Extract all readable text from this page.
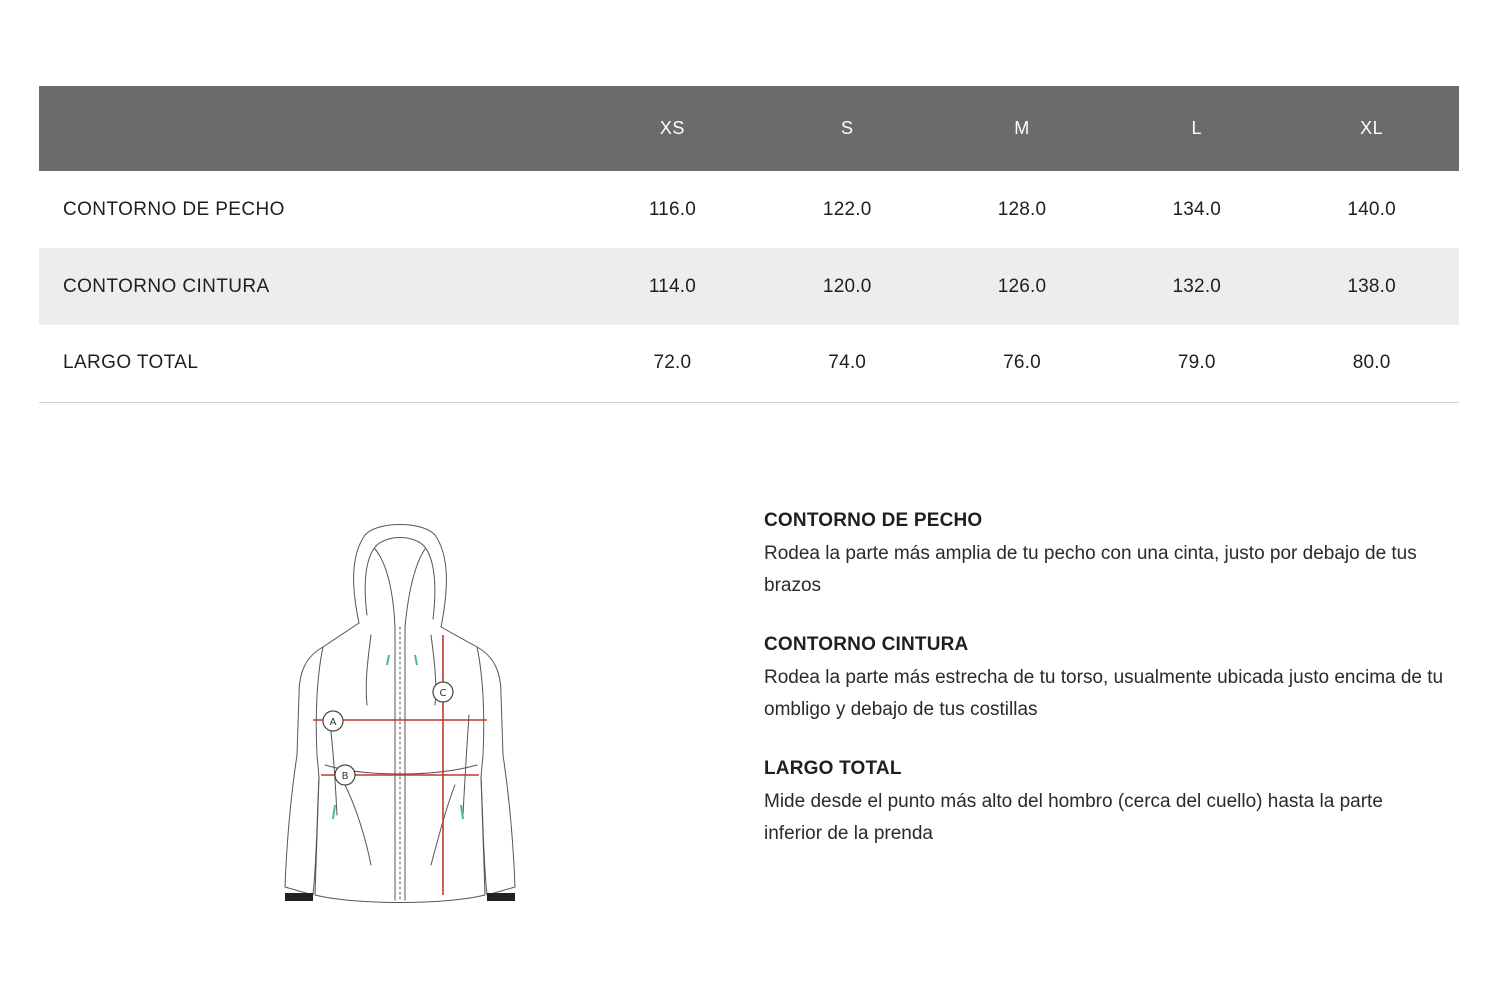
	XS	S	M	L	XL
CONTORNO DE PECHO	116.0	122.0	128.0	134.0	140.0
CONTORNO CINTURA	114.0	120.0	126.0	132.0	138.0
LARGO TOTAL	72.0	74.0	76.0	79.0	80.0
A
B
C

CONTORNO DE PECHO

Rodea la parte más amplia de tu pecho con una cinta, justo por debajo de tus brazos

CONTORNO CINTURA

Rodea la parte más estrecha de tu torso, usualmente ubicada justo encima de tu ombligo y debajo de tus costillas

LARGO TOTAL

Mide desde el punto más alto del hombro (cerca del cuello) hasta la parte inferior de la prenda
